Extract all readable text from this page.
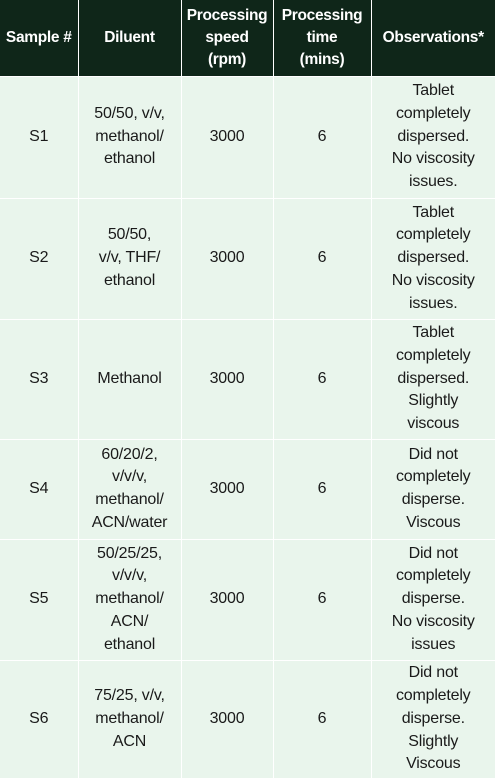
Sample #	Diluent	Processing
speed
(rpm)	Processing
time
(mins)	Observations*

S1	50/50, v/v,
methanol/
ethanol	3000	6	Tablet
completely
dispersed.
No viscosity
issues.

S2	50/50,
v/v, THF/
ethanol	3000	6	Tablet
completely
dispersed.
No viscosity
issues.

S3	Methanol	3000	6	Tablet
completely
dispersed.
Slightly
viscous

S4	60/20/2,
v/v/v,
methanol/
ACN/water	3000	6	Did not
completely
disperse.
Viscous

S5	50/25/25,
v/v/v,
methanol/
ACN/
ethanol	3000	6	Did not
completely
disperse.
No viscosity
issues

S6	75/25, v/v,
methanol/
ACN	3000	6	Did not
completely
disperse.
Slightly
Viscous
